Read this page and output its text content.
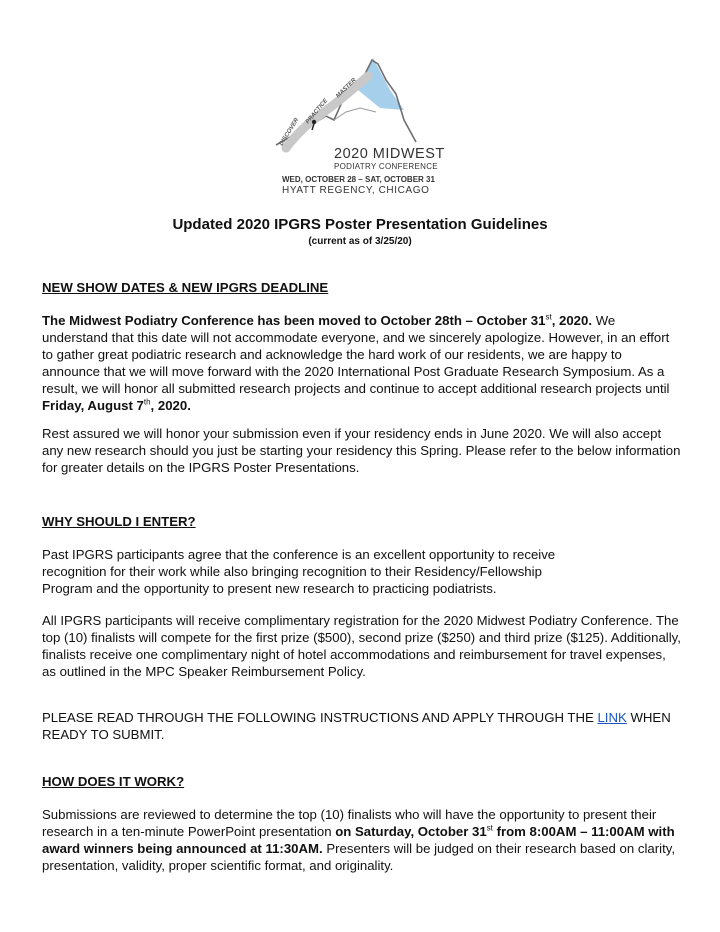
DISCOVER
PRACTICE
MASTER
2020 MIDWEST
PODIATRY CONFERENCE
WED, OCTOBER 28 – SAT, OCTOBER 31
HYATT REGENCY, CHICAGO
Updated 2020 IPGRS Poster Presentation Guidelines
(current as of 3/25/20)
NEW SHOW DATES & NEW IPGRS DEADLINE
The Midwest Podiatry Conference has been moved to October 28th – October 31st, 2020. We understand that this date will not accommodate everyone, and we sincerely apologize. However, in an effort to gather great podiatric research and acknowledge the hard work of our residents, we are happy to announce that we will move forward with the 2020 International Post Graduate Research Symposium. As a result, we will honor all submitted research projects and continue to accept additional research projects until Friday, August 7th, 2020.
Rest assured we will honor your submission even if your residency ends in June 2020. We will also accept any new research should you just be starting your residency this Spring. Please refer to the below information for greater details on the IPGRS Poster Presentations.
WHY SHOULD I ENTER?
Past IPGRS participants agree that the conference is an excellent opportunity to receive recognition for their work while also bringing recognition to their Residency/Fellowship Program and the opportunity to present new research to practicing podiatrists.
All IPGRS participants will receive complimentary registration for the 2020 Midwest Podiatry Conference. The top (10) finalists will compete for the first prize ($500), second prize ($250) and third prize ($125). Additionally, finalists receive one complimentary night of hotel accommodations and reimbursement for travel expenses, as outlined in the MPC Speaker Reimbursement Policy.
PLEASE READ THROUGH THE FOLLOWING INSTRUCTIONS AND APPLY THROUGH THE LINK WHEN READY TO SUBMIT.
HOW DOES IT WORK?
Submissions are reviewed to determine the top (10) finalists who will have the opportunity to present their research in a ten-minute PowerPoint presentation on Saturday, October 31st from 8:00AM – 11:00AM with award winners being announced at 11:30AM. Presenters will be judged on their research based on clarity, presentation, validity, proper scientific format, and originality.
